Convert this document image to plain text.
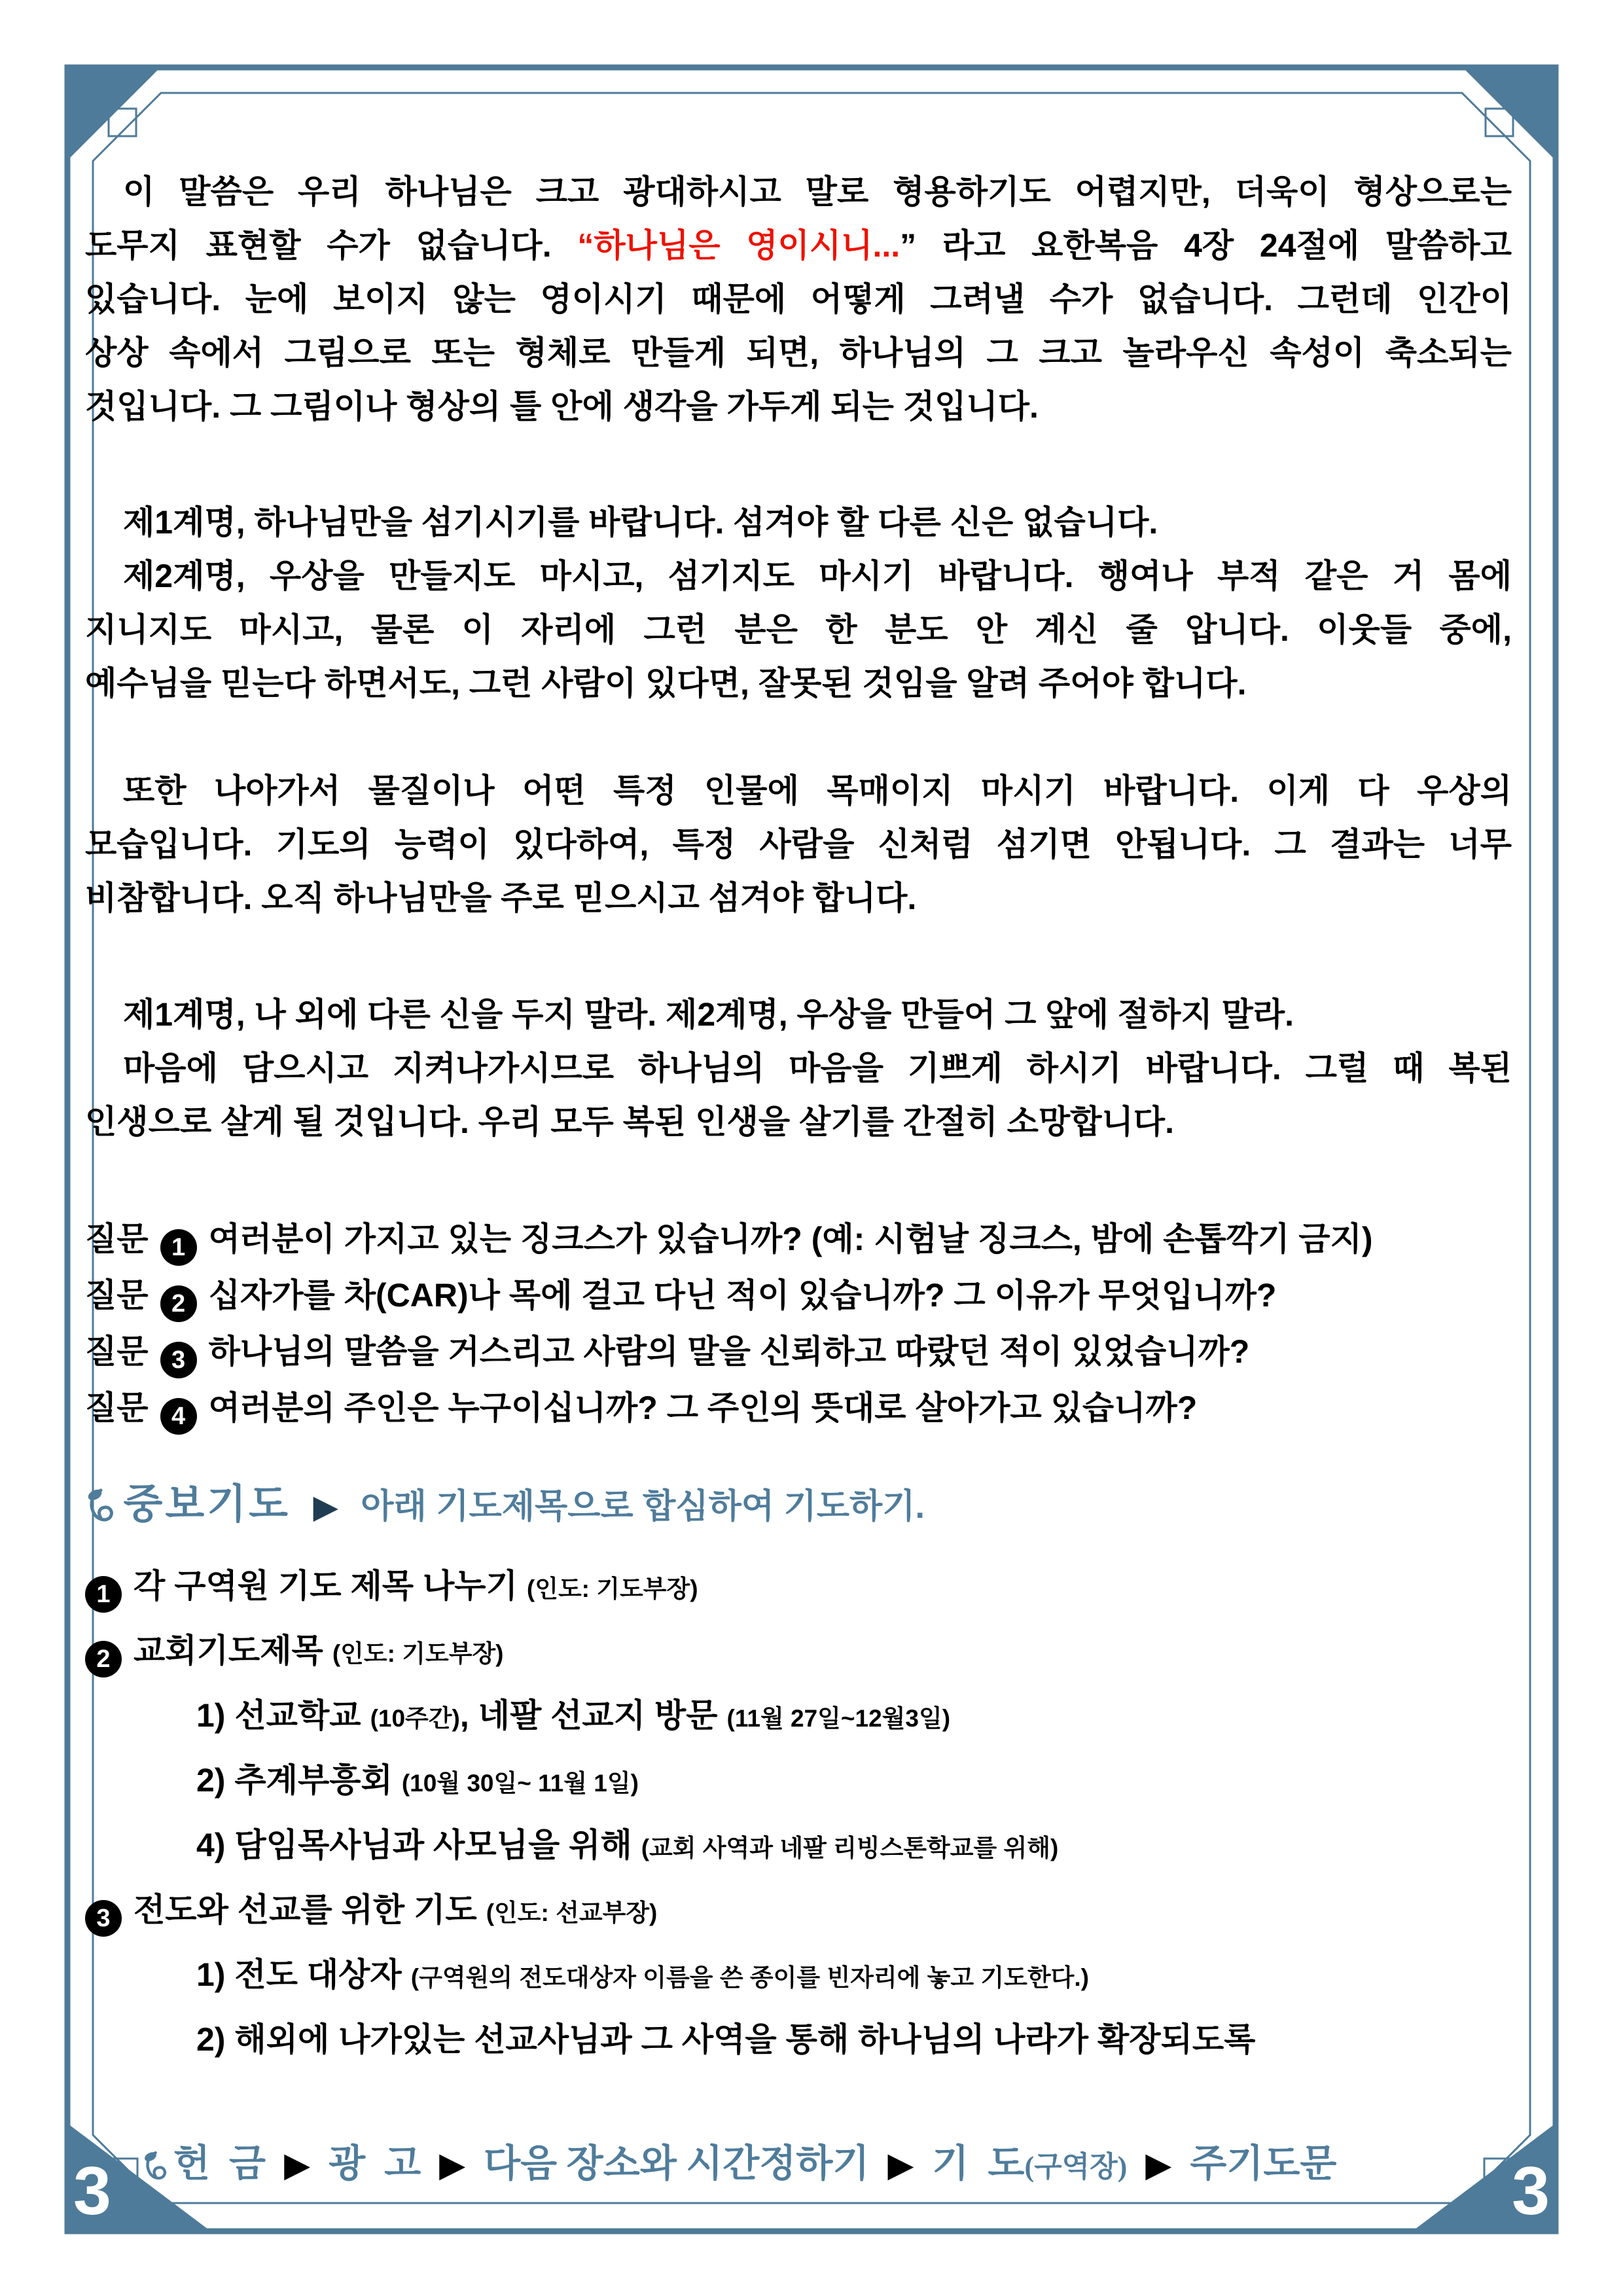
3	3

이 말씀은 우리 하나님은 크고 광대하시고 말로 형용하기도 어렵지만, 더욱이 형상으로는

도무지 표현할 수가 없습니다. “하나님은 영이시니...” 라고 요한복음 4장 24절에 말씀하고

있습니다. 눈에 보이지 않는 영이시기 때문에 어떻게 그려낼 수가 없습니다. 그런데 인간이

상상 속에서 그림으로 또는 형체로 만들게 되면, 하나님의 그 크고 놀라우신 속성이 축소되는

것입니다. 그 그림이나 형상의 틀 안에 생각을 가두게 되는 것입니다.

제1계명, 하나님만을 섬기시기를 바랍니다. 섬겨야 할 다른 신은 없습니다.

제2계명, 우상을 만들지도 마시고, 섬기지도 마시기 바랍니다. 행여나 부적 같은 거 몸에

지니지도 마시고, 물론 이 자리에 그런 분은 한 분도 안 계신 줄 압니다. 이웃들 중에,

예수님을 믿는다 하면서도, 그런 사람이 있다면, 잘못된 것임을 알려 주어야 합니다.

또한 나아가서 물질이나 어떤 특정 인물에 목매이지 마시기 바랍니다. 이게 다 우상의

모습입니다. 기도의 능력이 있다하여, 특정 사람을 신처럼 섬기면 안됩니다. 그 결과는 너무

비참합니다. 오직 하나님만을 주로 믿으시고 섬겨야 합니다.

제1계명, 나 외에 다른 신을 두지 말라. 제2계명, 우상을 만들어 그 앞에 절하지 말라.

마음에 담으시고 지켜나가시므로 하나님의 마음을 기쁘게 하시기 바랍니다. 그럴 때 복된

인생으로 살게 될 것입니다. 우리 모두 복된 인생을 살기를 간절히 소망합니다.

질문 1 여러분이 가지고 있는 징크스가 있습니까? (예: 시험날 징크스, 밤에 손톱깍기 금지)

질문 2 십자가를 차(CAR)나 목에 걸고 다닌 적이 있습니까? 그 이유가 무엇입니까?

질문 3 하나님의 말씀을 거스리고 사람의 말을 신뢰하고 따랐던 적이 있었습니까?

질문 4 여러분의 주인은 누구이십니까? 그 주인의 뜻대로 살아가고 있습니까?

중보기도 ▶ 아래 기도제목으로 합심하여 기도하기.

1 각 구역원 기도 제목 나누기 (인도: 기도부장)

2 교회기도제목 (인도: 기도부장)

1) 선교학교 (10주간), 네팔 선교지 방문 (11월 27일~12월3일)

2) 추계부흥회 (10월 30일~ 11월 1일)

4) 담임목사님과 사모님을 위해 (교회 사역과 네팔 리빙스톤학교를 위해)

3 전도와 선교를 위한 기도 (인도: 선교부장)

1) 전도 대상자 (구역원의 전도대상자 이름을 쓴 종이를 빈자리에 놓고 기도한다.)

2) 해외에 나가있는 선교사님과 그 사역을 통해 하나님의 나라가 확장되도록

헌  금 ▶ 광  고 ▶ 다음 장소와 시간정하기 ▶ 기  도(구역장) ▶ 주기도문
